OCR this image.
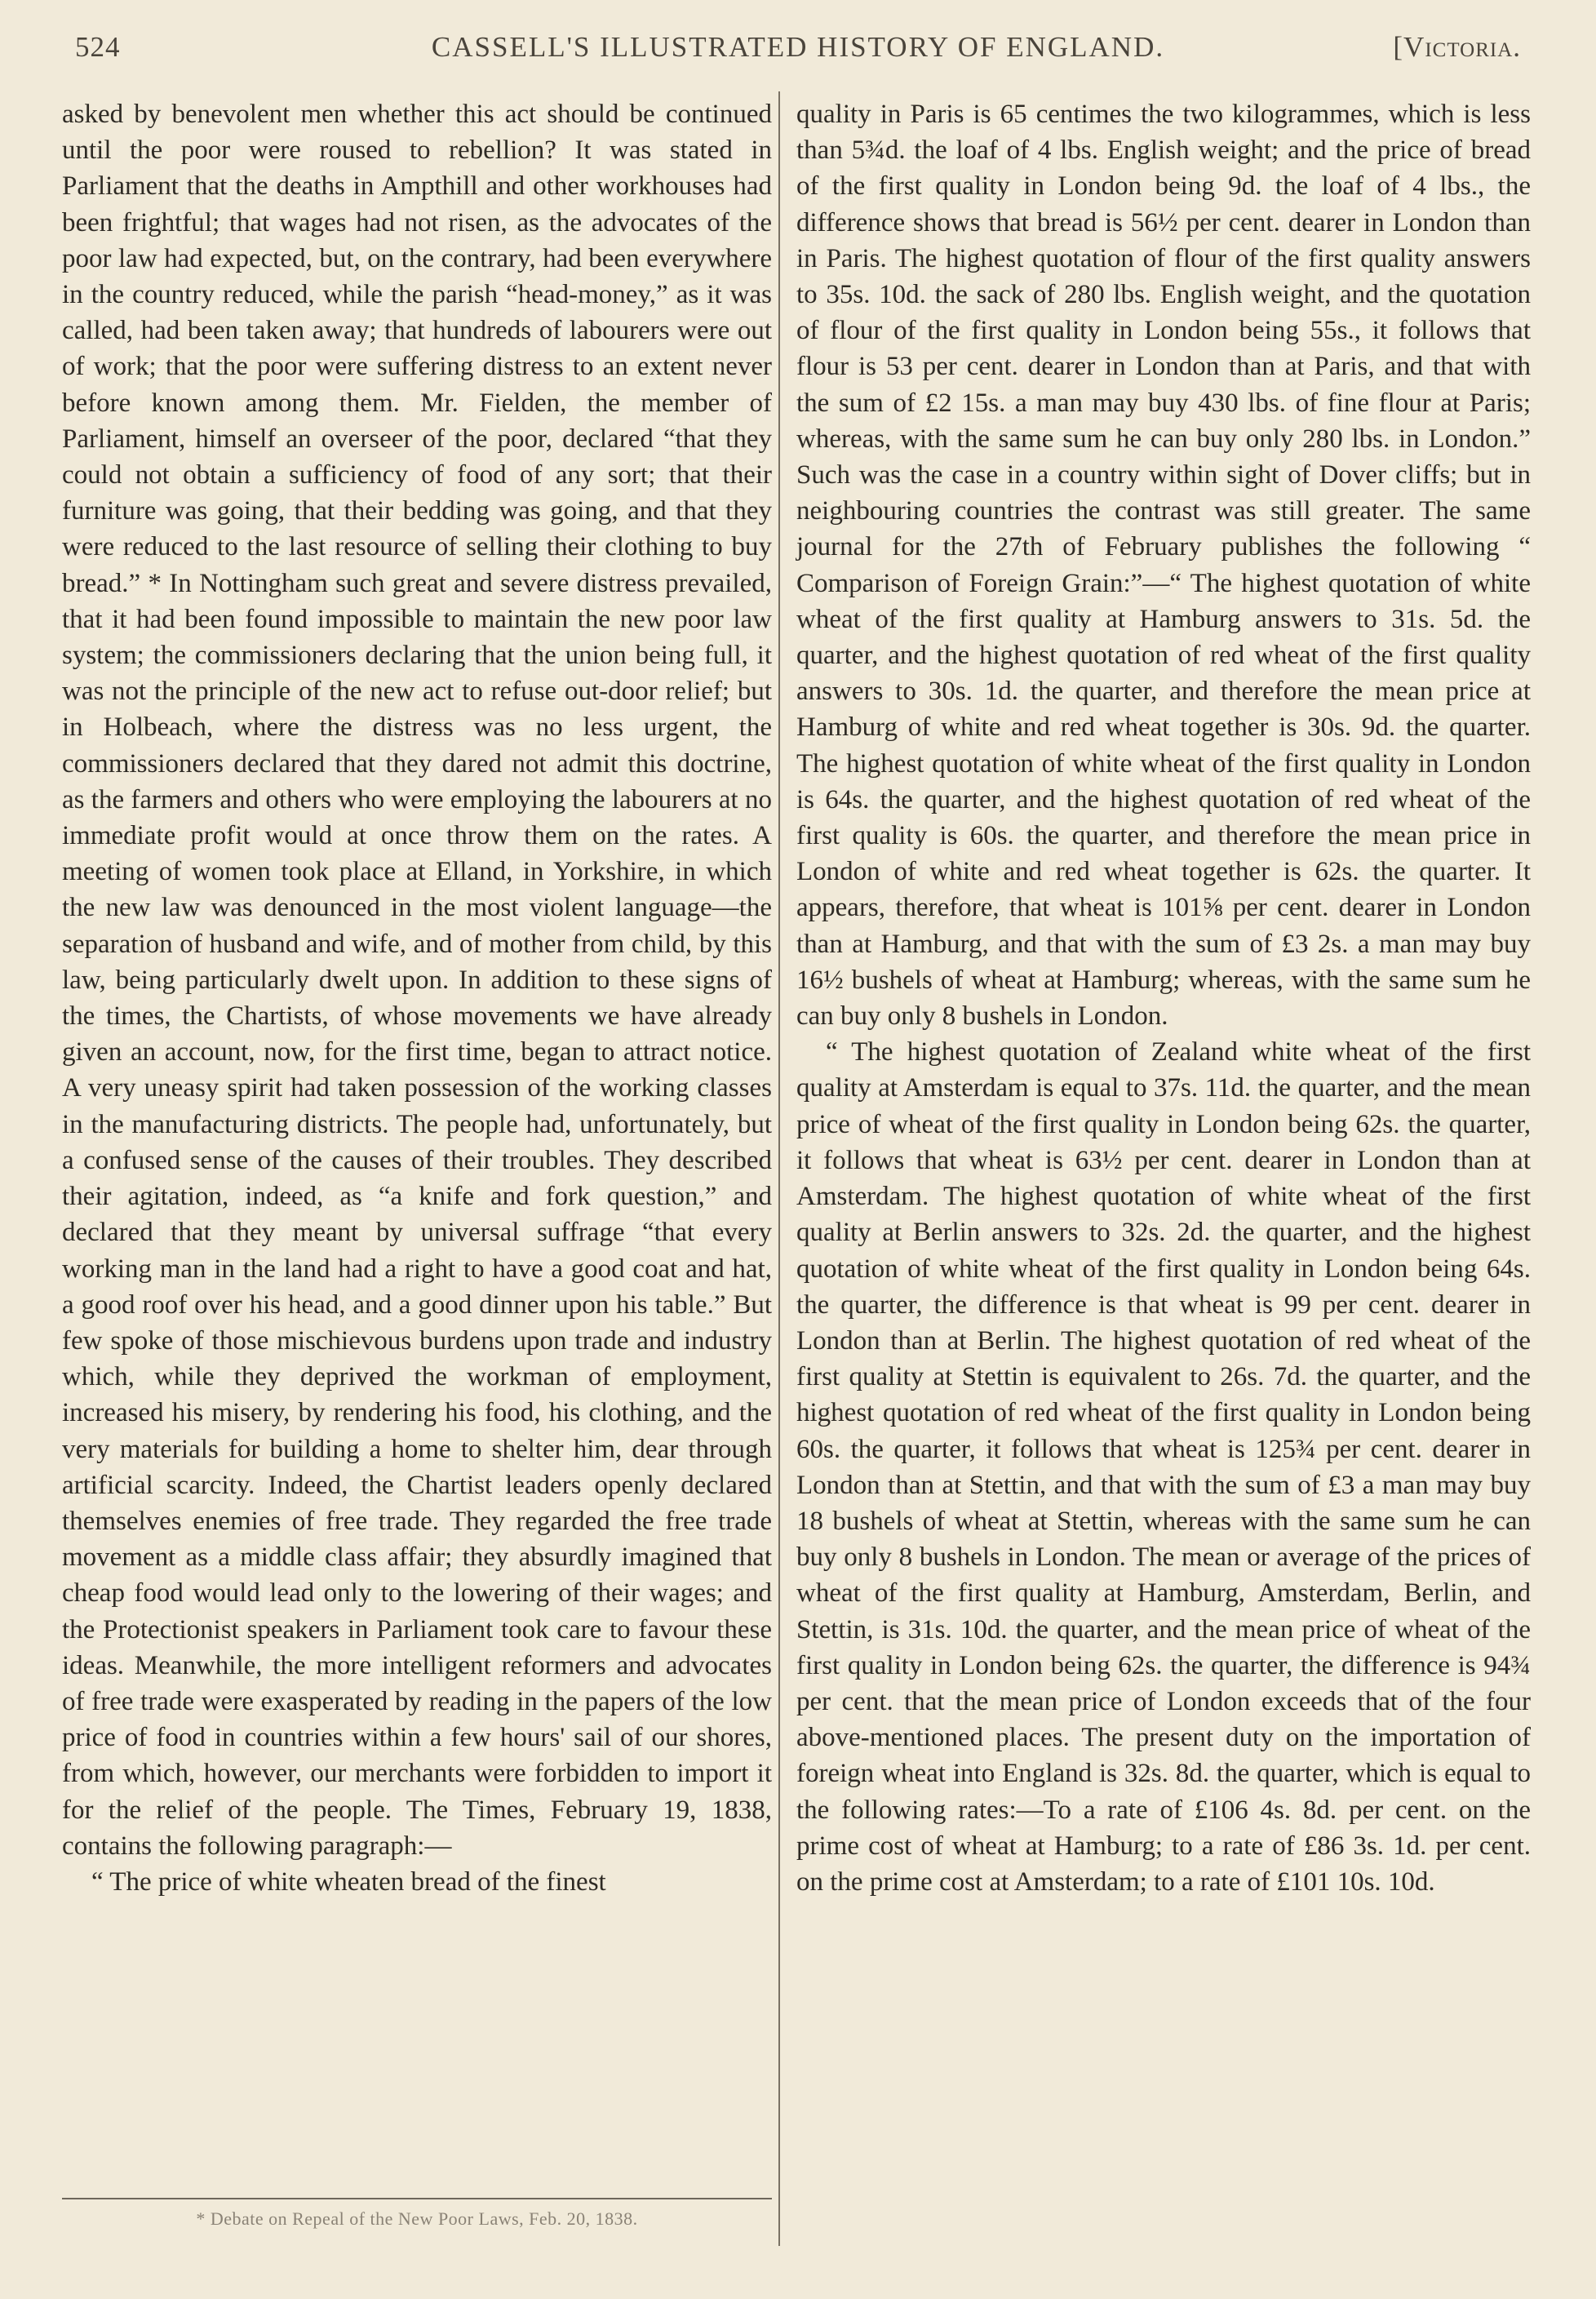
524	CASSELL'S ILLUSTRATED HISTORY OF ENGLAND.	[Victoria.

asked by benevolent men whether this act should be continued until the poor were roused to rebellion? It was stated in Parliament that the deaths in Ampthill and other workhouses had been frightful; that wages had not risen, as the advocates of the poor law had expected, but, on the contrary, had been everywhere in the country reduced, while the parish “head-money,” as it was called, had been taken away; that hundreds of labourers were out of work; that the poor were suffering distress to an extent never before known among them. Mr. Fielden, the member of Parliament, himself an overseer of the poor, declared “that they could not obtain a sufficiency of food of any sort; that their furniture was going, that their bedding was going, and that they were reduced to the last resource of selling their clothing to buy bread.” * In Nottingham such great and severe distress prevailed, that it had been found impossible to maintain the new poor law system; the commissioners declaring that the union being full, it was not the principle of the new act to refuse out-door relief; but in Holbeach, where the distress was no less urgent, the commissioners declared that they dared not admit this doctrine, as the farmers and others who were employing the labourers at no immediate profit would at once throw them on the rates. A meeting of women took place at Elland, in Yorkshire, in which the new law was denounced in the most violent language—the separation of husband and wife, and of mother from child, by this law, being particularly dwelt upon. In addition to these signs of the times, the Chartists, of whose movements we have already given an account, now, for the first time, began to attract notice. A very uneasy spirit had taken possession of the working classes in the manufacturing districts. The people had, unfortunately, but a confused sense of the causes of their troubles. They described their agitation, indeed, as “a knife and fork question,” and declared that they meant by universal suffrage “that every working man in the land had a right to have a good coat and hat, a good roof over his head, and a good dinner upon his table.” But few spoke of those mischievous burdens upon trade and industry which, while they deprived the workman of employment, increased his misery, by rendering his food, his clothing, and the very materials for building a home to shelter him, dear through artificial scarcity. Indeed, the Chartist leaders openly declared themselves enemies of free trade. They regarded the free trade movement as a middle class affair; they absurdly imagined that cheap food would lead only to the lowering of their wages; and the Protectionist speakers in Parliament took care to favour these ideas. Meanwhile, the more intelligent reformers and advocates of free trade were exasperated by reading in the papers of the low price of food in countries within a few hours' sail of our shores, from which, however, our merchants were forbidden to import it for the relief of the people. The Times, February 19, 1838, contains the following paragraph:—

“ The price of white wheaten bread of the finest

quality in Paris is 65 centimes the two kilogrammes, which is less than 5¾d. the loaf of 4 lbs. English weight; and the price of bread of the first quality in London being 9d. the loaf of 4 lbs., the difference shows that bread is 56½ per cent. dearer in London than in Paris. The highest quotation of flour of the first quality answers to 35s. 10d. the sack of 280 lbs. English weight, and the quotation of flour of the first quality in London being 55s., it follows that flour is 53 per cent. dearer in London than at Paris, and that with the sum of £2 15s. a man may buy 430 lbs. of fine flour at Paris; whereas, with the same sum he can buy only 280 lbs. in London.” Such was the case in a country within sight of Dover cliffs; but in neighbouring countries the contrast was still greater. The same journal for the 27th of February publishes the following “ Comparison of Foreign Grain:”—“ The highest quotation of white wheat of the first quality at Hamburg answers to 31s. 5d. the quarter, and the highest quotation of red wheat of the first quality answers to 30s. 1d. the quarter, and therefore the mean price at Hamburg of white and red wheat together is 30s. 9d. the quarter. The highest quotation of white wheat of the first quality in London is 64s. the quarter, and the highest quotation of red wheat of the first quality is 60s. the quarter, and therefore the mean price in London of white and red wheat together is 62s. the quarter. It appears, therefore, that wheat is 101⅝ per cent. dearer in London than at Hamburg, and that with the sum of £3 2s. a man may buy 16½ bushels of wheat at Hamburg; whereas, with the same sum he can buy only 8 bushels in London.

“ The highest quotation of Zealand white wheat of the first quality at Amsterdam is equal to 37s. 11d. the quarter, and the mean price of wheat of the first quality in London being 62s. the quarter, it follows that wheat is 63½ per cent. dearer in London than at Amsterdam. The highest quotation of white wheat of the first quality at Berlin answers to 32s. 2d. the quarter, and the highest quotation of white wheat of the first quality in London being 64s. the quarter, the difference is that wheat is 99 per cent. dearer in London than at Berlin. The highest quotation of red wheat of the first quality at Stettin is equivalent to 26s. 7d. the quarter, and the highest quotation of red wheat of the first quality in London being 60s. the quarter, it follows that wheat is 125¾ per cent. dearer in London than at Stettin, and that with the sum of £3 a man may buy 18 bushels of wheat at Stettin, whereas with the same sum he can buy only 8 bushels in London. The mean or average of the prices of wheat of the first quality at Hamburg, Amsterdam, Berlin, and Stettin, is 31s. 10d. the quarter, and the mean price of wheat of the first quality in London being 62s. the quarter, the difference is 94¾ per cent. that the mean price of London exceeds that of the four above-mentioned places. The present duty on the importation of foreign wheat into England is 32s. 8d. the quarter, which is equal to the following rates:—To a rate of £106 4s. 8d. per cent. on the prime cost of wheat at Hamburg; to a rate of £86 3s. 1d. per cent. on the prime cost at Amsterdam; to a rate of £101 10s. 10d.

* Debate on Repeal of the New Poor Laws, Feb. 20, 1838.
